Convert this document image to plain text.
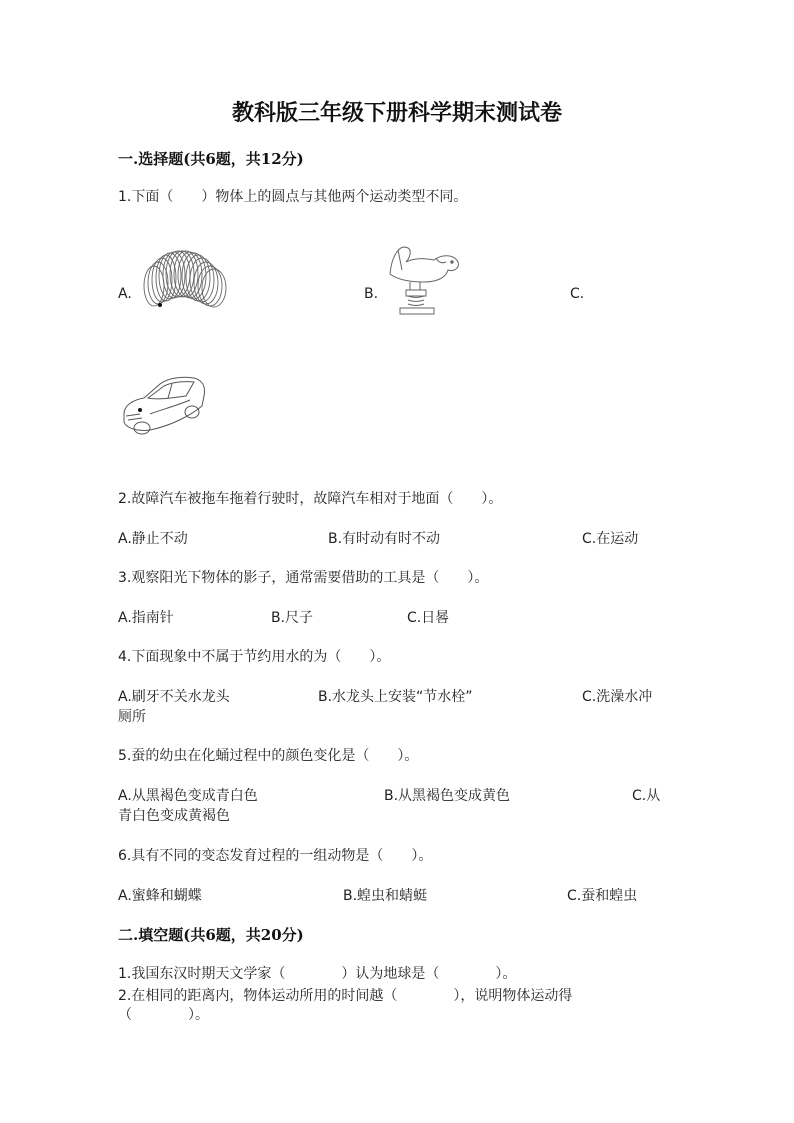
教科版三年级下册科学期末测试卷
一.选择题(共6题，共12分)
1.下面（　　）物体上的圆点与其他两个运动类型不同。
A.	B.	C.
2.故障汽车被拖车拖着行驶时，故障汽车相对于地面（　　）。
A.静止不动	B.有时动有时不动	C.在运动
3.观察阳光下物体的影子，通常需要借助的工具是（　　）。
A.指南针	B.尺子	C.日晷
4.下面现象中不属于节约用水的为（　　）。
A.刷牙不关水龙头	B.水龙头上安装“节水栓”	C.洗澡水冲
厕所
5.蚕的幼虫在化蛹过程中的颜色变化是（　　）。
A.从黑褐色变成青白色	B.从黑褐色变成黄色	C.从
青白色变成黄褐色
6.具有不同的变态发育过程的一组动物是（　　）。
A.蜜蜂和蝴蝶	B.蝗虫和蜻蜓	C.蚕和蝗虫
二.填空题(共6题，共20分)
1.我国东汉时期天文学家（　　　　）认为地球是（　　　　）。
2.在相同的距离内，物体运动所用的时间越（　　　　），说明物体运动得
（　　　　）。
